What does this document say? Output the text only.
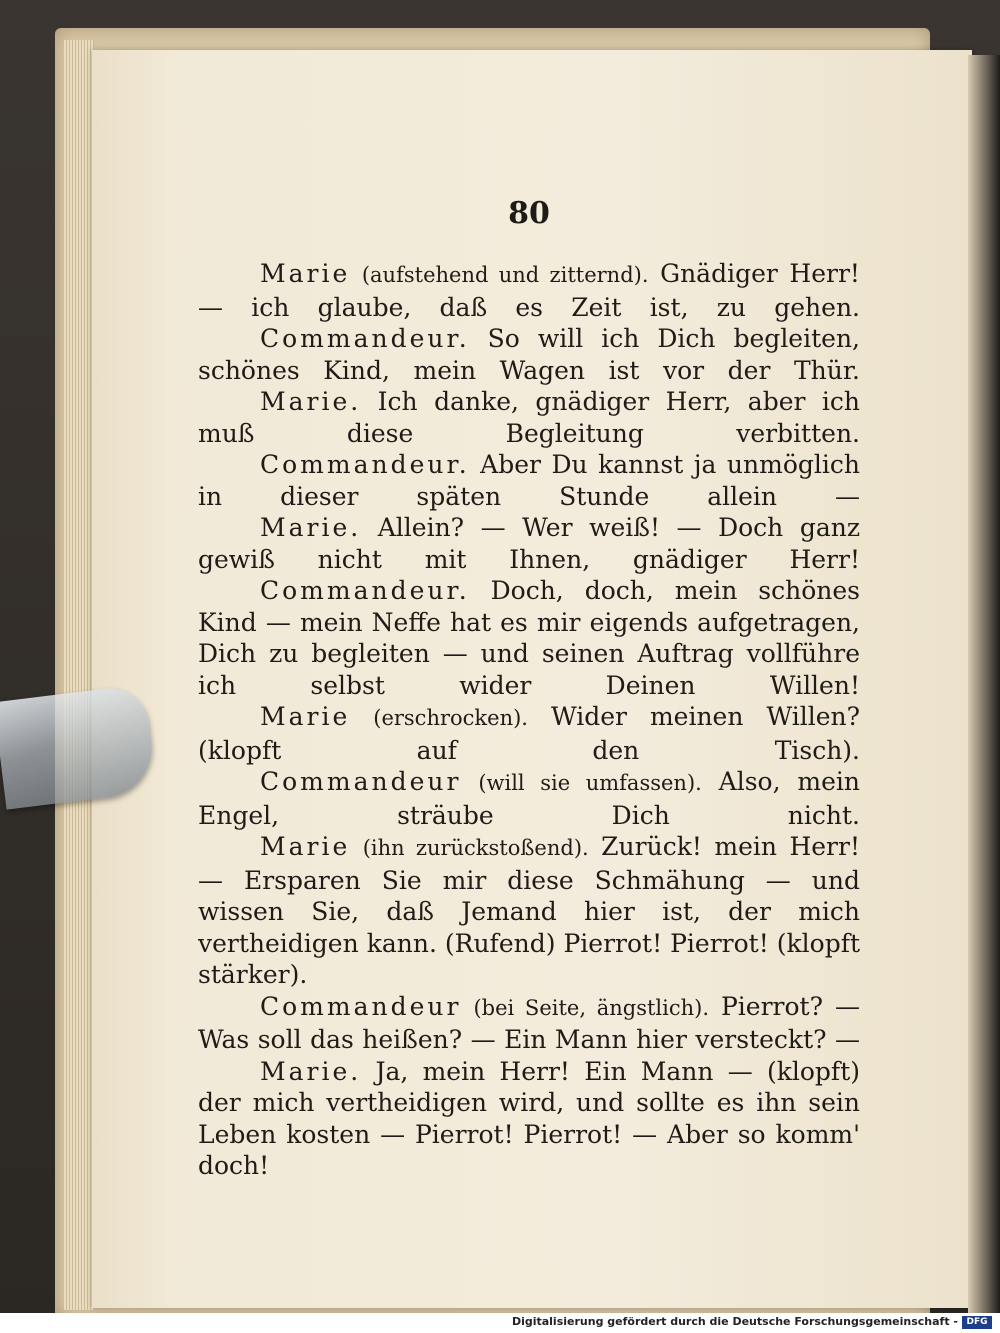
80

Marie (aufstehend und zitternd). Gnädiger Herr! — ich glaube, daß es Zeit ist, zu gehen.

Commandeur. So will ich Dich begleiten, schönes Kind, mein Wagen ist vor der Thür.

Marie. Ich danke, gnädiger Herr, aber ich muß diese Begleitung verbitten.

Commandeur. Aber Du kannst ja unmöglich in dieser späten Stunde allein —

Marie. Allein? — Wer weiß! — Doch ganz gewiß nicht mit Ihnen, gnädiger Herr!

Commandeur. Doch, doch, mein schönes Kind — mein Neffe hat es mir eigends aufgetragen, Dich zu begleiten — und seinen Auftrag vollführe ich selbst wider Deinen Willen!

Marie (erschrocken). Wider meinen Willen? (klopft auf den Tisch).

Commandeur (will sie umfassen). Also, mein Engel, sträube Dich nicht.

Marie (ihn zurückstoßend). Zurück! mein Herr! — Ersparen Sie mir diese Schmähung — und wissen Sie, daß Jemand hier ist, der mich vertheidigen kann. (Rufend) Pierrot! Pierrot! (klopft stärker).

Commandeur (bei Seite, ängstlich). Pierrot? — Was soll das heißen? — Ein Mann hier versteckt? —

Marie. Ja, mein Herr! Ein Mann — (klopft) der mich vertheidigen wird, und sollte es ihn sein Leben kosten — Pierrot! Pierrot! — Aber so komm' doch!

Digitalisierung gefördert durch die Deutsche Forschungsgemeinschaft - DFG
